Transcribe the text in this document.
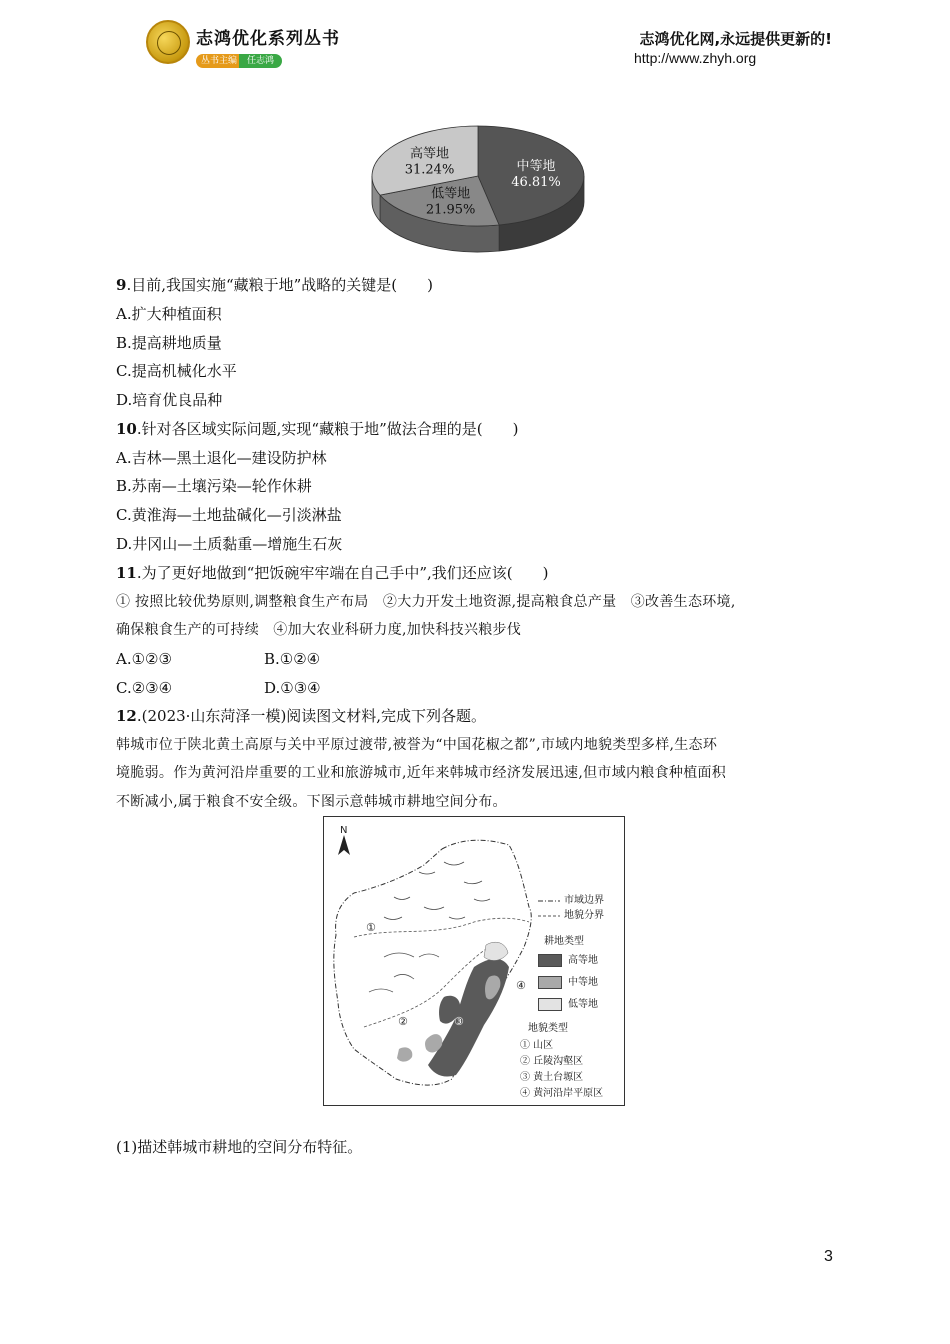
志鸿优化系列丛书
丛书主编 任志鸿
志鸿优化网,永远提供更新的!
http://www.zhyh.org
中等地
46.81%
低等地
21.95%
高等地
31.24%
9.目前,我国实施“藏粮于地”战略的关键是(　　)
A.扩大种植面积
B.提高耕地质量
C.提高机械化水平
D.培育优良品种
10.针对各区域实际问题,实现“藏粮于地”做法合理的是(　　)
A.吉林—黑土退化—建设防护林
B.苏南—土壤污染—轮作休耕
C.黄淮海—土地盐碱化—引淡淋盐
D.井冈山—土质黏重—增施生石灰
11.为了更好地做到“把饭碗牢牢端在自己手中”,我们还应该(　　)
① 按照比较优势原则,调整粮食生产布局　②大力开发土地资源,提高粮食总产量　③改善生态环境,
确保粮食生产的可持续　④加大农业科研力度,加快科技兴粮步伐
A.①②③	B.①②④
C.②③④	D.①③④
12.(2023·山东菏泽一模)阅读图文材料,完成下列各题。
韩城市位于陕北黄土高原与关中平原过渡带,被誉为“中国花椒之都”,市域内地貌类型多样,生态环
境脆弱。作为黄河沿岸重要的工业和旅游城市,近年来韩城市经济发展迅速,但市域内粮食种植面积
不断减小,属于粮食不安全级。下图示意韩城市耕地空间分布。
①
②	③
④
N
市域边界
地貌分界
耕地类型
高等地
中等地
低等地
地貌类型
① 山区
② 丘陵沟壑区
③ 黄土台塬区
④ 黄河沿岸平原区
(1)描述韩城市耕地的空间分布特征。
3
